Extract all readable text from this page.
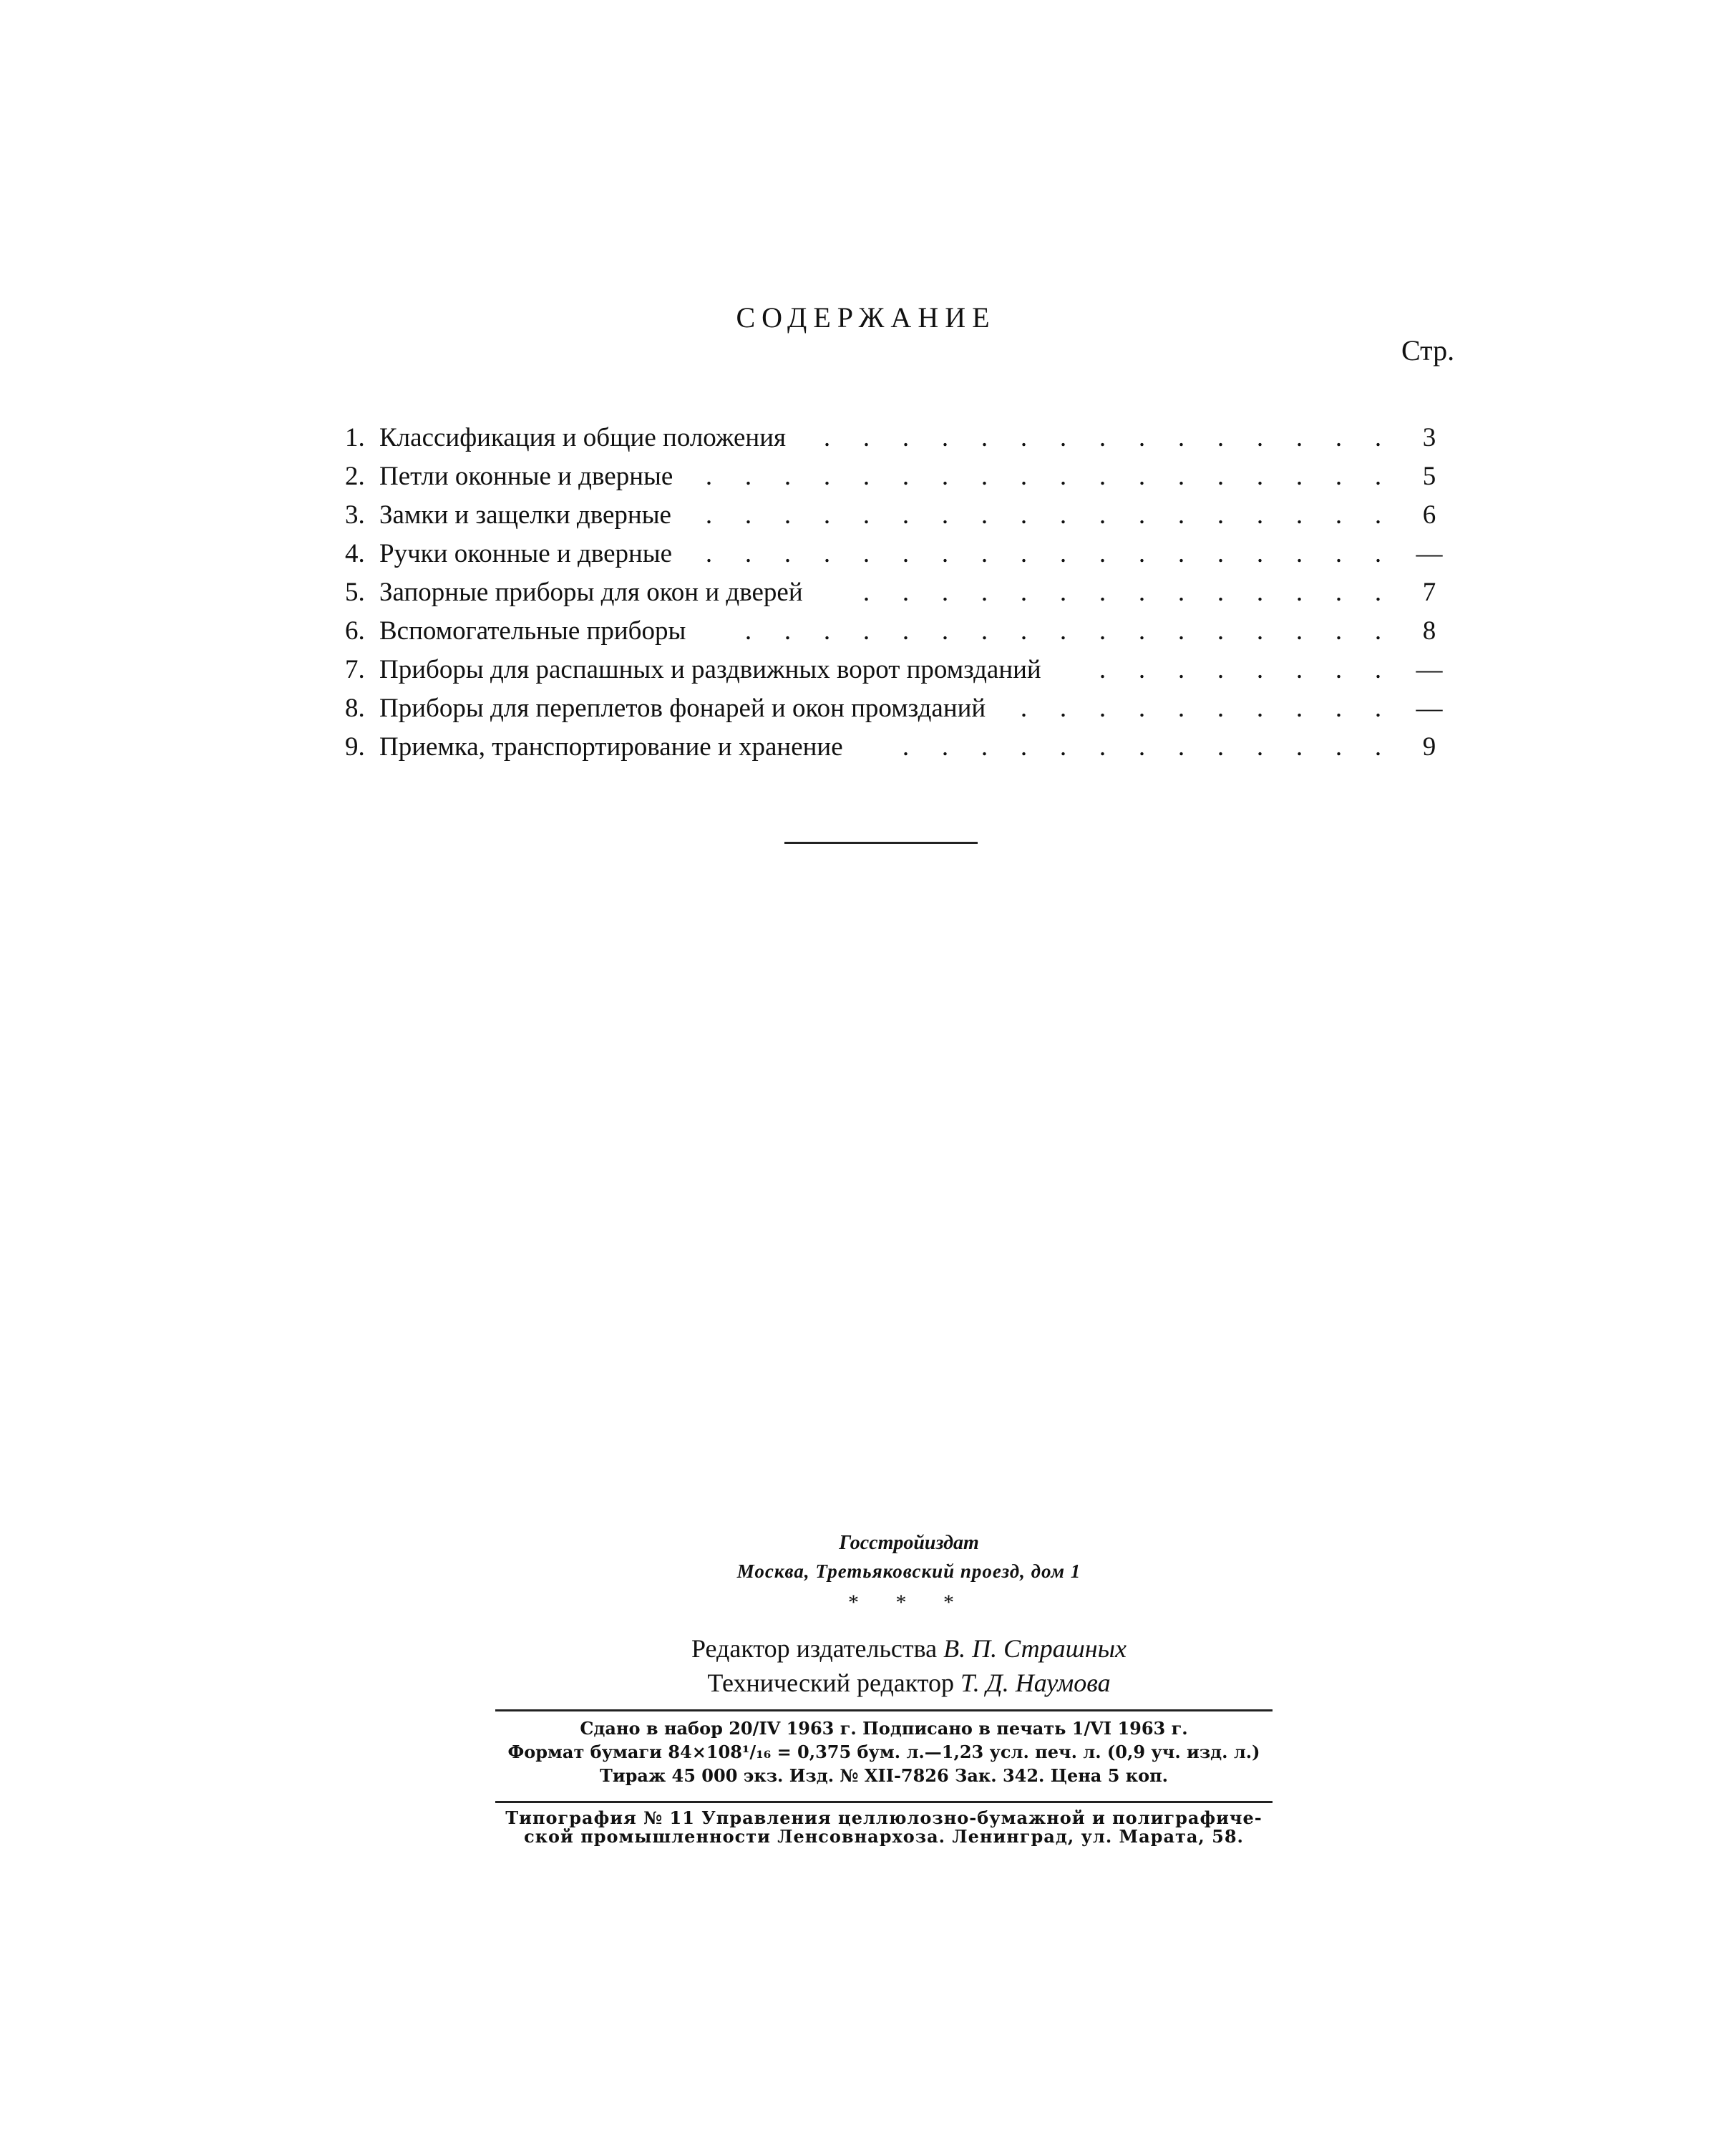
СОДЕРЖАНИЕ
Стр.
1. Классификация и общие положения	. . . . . . . . . . . . . . .	3
2. Петли оконные и дверные	. . . . . . . . . . . . . . . . . .	5
3. Замки и защелки дверные	. . . . . . . . . . . . . . . . . .	6
4. Ручки оконные и дверные	. . . . . . . . . . . . . . . . . .	—
5. Запорные приборы для окон и дверей	. . . . . . . . . . . . . .	7
6. Вспомогательные приборы	. . . . . . . . . . . . . . . . .	8
7. Приборы для распашных и раздвижных ворот промзданий	. . . . . . . .	—
8. Приборы для переплетов фонарей и окон промзданий	. . . . . . . . . .	—
9. Приемка, транспортирование и хранение	. . . . . . . . . . . . .	9
Госстройиздат
Москва, Третьяковский проезд, дом 1
* * *
Редактор издательства В. П. Страшных
Технический редактор Т. Д. Наумова
Сдано в набор 20/IV 1963 г. Подписано в печать 1/VI 1963 г.
Формат бумаги 84×108¹/₁₆ = 0,375 бум. л.—1,23 усл. печ. л. (0,9 уч. изд. л.)
Тираж 45 000 экз. Изд. № XII-7826 Зак. 342. Цена 5 коп.
Типография № 11 Управления целлюлозно-бумажной и полиграфиче-
ской промышленности Ленсовнархоза. Ленинград, ул. Марата, 58.
